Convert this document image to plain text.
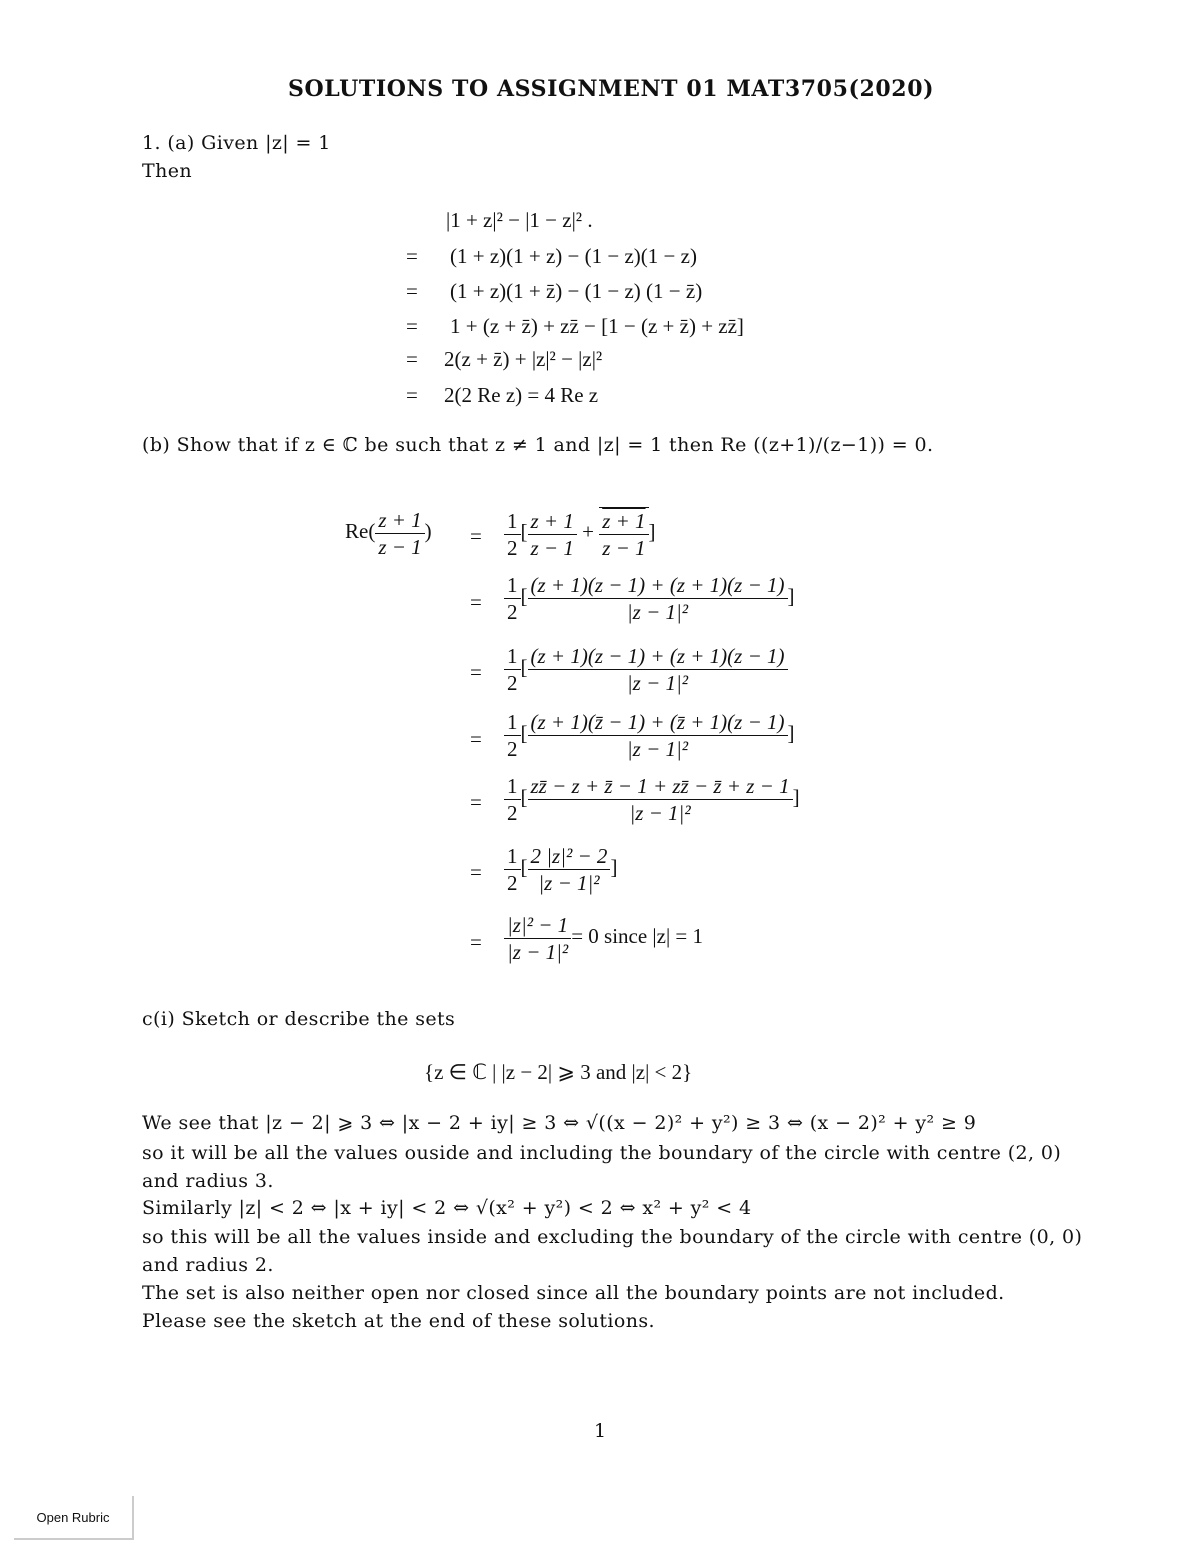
SOLUTIONS TO ASSIGNMENT 01 MAT3705(2020)
1. (a) Given |z| = 1
Then
|1 + z|² − |1 − z|² .
= (1 + z)(1 + z) − (1 − z)(1 − z)
= (1 + z)(1 + z̄) − (1 − z) (1 − z̄)
= 1 + (z + z̄) + zz̄ − [1 − (z + z̄) + zz̄]
= 2(z + z̄) + |z|² − |z|²
= 2(2 Re z) = 4 Re z
(b) Show that if z ∈ ℂ be such that z ≠ 1 and |z| = 1 then Re ((z+1)/(z−1)) = 0.
$Re( \frac{z + 1}{z - 1}$ ) = $\frac{1}{2}$ [ $\frac{z + 1}{z - 1} + \frac{z + 1}{z - 1}$ ]
= $\frac{1}{2}$ [ $\frac{(z + 1)(z - 1) + (z + 1)(z - 1)}{\text{|z − 1|²}}$ ]
= $\frac{1}{2}$ [ $\frac{(z + 1)(z - 1) + (z + 1)(z - 1)}{\text{|z − 1|²}}$
= $\frac{1}{2}$ [ $\frac{(z + 1)(z̄ - 1) + (z̄ + 1)(z - 1)}{\text{|z − 1|²}}$ ]
= $\frac{1}{2}$ [ $\frac{zz̄ - z + z̄ - 1 + zz̄ - z̄ + z - 1}{\text{|z − 1|²}}$ ]
= $\frac{1}{2}$ [ $\frac{\text{2 |z|² − 2}}{\text{|z − 1|²}}$ ]
= $\frac{\text{|z|² − 1}}{\text{|z − 1|²}} = 0$ since |z| = 1
c(i) Sketch or describe the sets
{z ∈ ℂ | |z − 2| ⩾ 3 and |z| < 2}
We see that |z − 2| ⩾ 3 ⇔ |x − 2 + iy| ≥ 3 ⇔ √((x − 2)² + y²) ≥ 3 ⇔ (x − 2)² + y² ≥ 9
so it will be all the values ouside and including the boundary of the circle with centre (2, 0)
and radius 3.
Similarly |z| < 2 ⇔ |x + iy| < 2 ⇔ √(x² + y²) < 2 ⇔ x² + y² < 4
so this will be all the values inside and excluding the boundary of the circle with centre (0, 0)
and radius 2.
The set is also neither open nor closed since all the boundary points are not included.
Please see the sketch at the end of these solutions.
1
Open Rubric
